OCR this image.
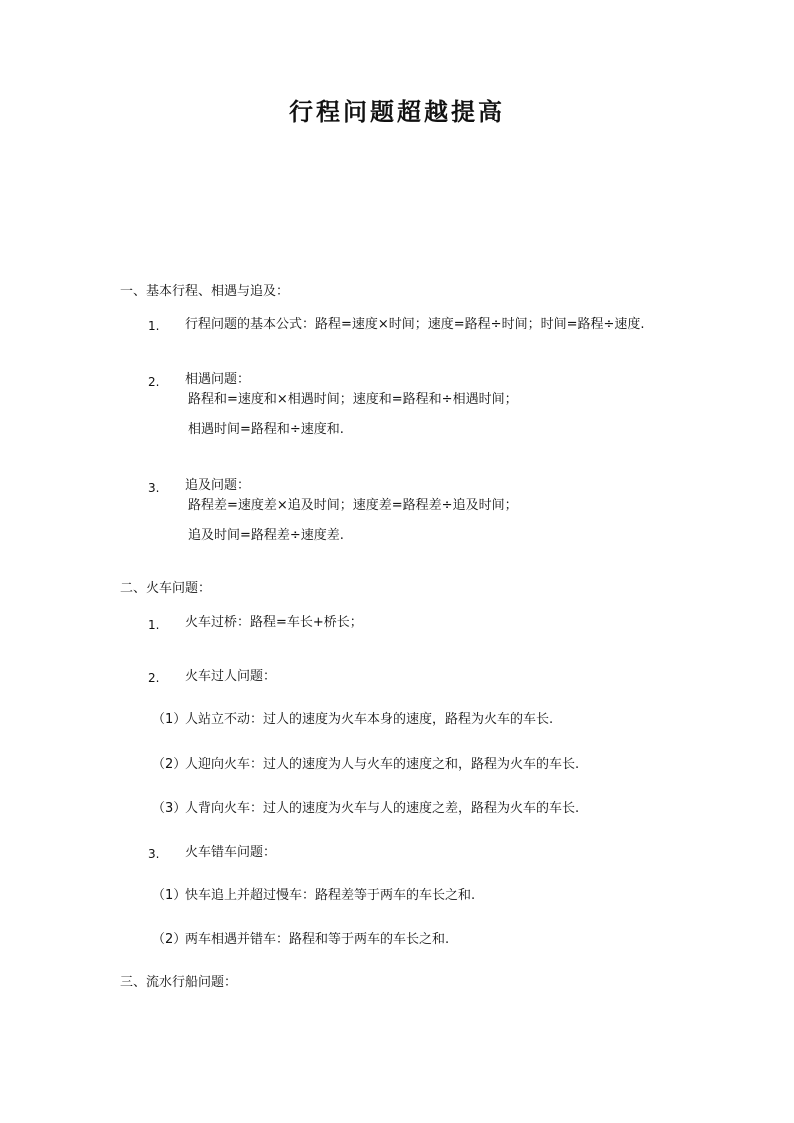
行程问题超越提高
一、基本行程、相遇与追及：
1. 行程问题的基本公式：路程=速度×时间；速度=路程÷时间；时间=路程÷速度.
2. 相遇问题：
路程和=速度和×相遇时间；速度和=路程和÷相遇时间；
相遇时间=路程和÷速度和.
3. 追及问题：
路程差=速度差×追及时间；速度差=路程差÷追及时间；
追及时间=路程差÷速度差.
二、火车问题：
1. 火车过桥：路程=车长+桥长；
2. 火车过人问题：
（1）
人站立不动：过人的速度为火车本身的速度，路程为火车的车长.
（2）
人迎向火车：过人的速度为人与火车的速度之和，路程为火车的车长.
（3）
人背向火车：过人的速度为火车与人的速度之差，路程为火车的车长.
3. 火车错车问题：
（1）
快车追上并超过慢车：路程差等于两车的车长之和.
（2）
两车相遇并错车：路程和等于两车的车长之和.
三、流水行船问题：
